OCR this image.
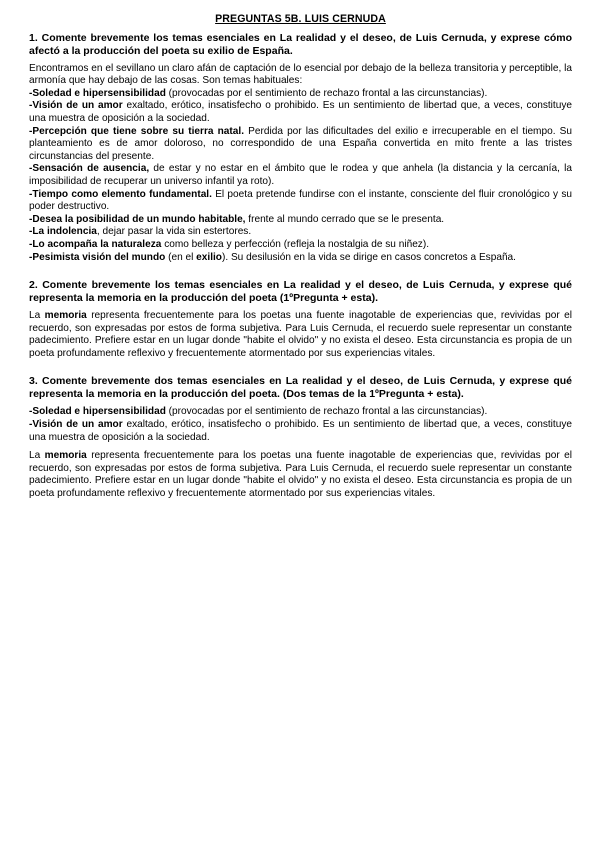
PREGUNTAS 5B. LUIS CERNUDA
1. Comente brevemente los temas esenciales en La realidad y el deseo, de Luis Cernuda, y exprese cómo afectó a la producción del poeta su exilio de España.

Encontramos en el sevillano un claro afán de captación de lo esencial por debajo de la belleza transitoria y perceptible, la armonía que hay debajo de las cosas. Son temas habituales:

-Soledad e hipersensibilidad (provocadas por el sentimiento de rechazo frontal a las circunstancias).
-Visión de un amor exaltado, erótico, insatisfecho o prohibido. Es un sentimiento de libertad que, a veces, constituye una muestra de oposición a la sociedad.
-Percepción que tiene sobre su tierra natal. Perdida por las dificultades del exilio e irrecuperable en el tiempo. Su planteamiento es de amor doloroso, no correspondido de una España convertida en mito frente a las tristes circunstancias del presente.
-Sensación de ausencia, de estar y no estar en el ámbito que le rodea y que anhela (la distancia y la cercanía, la imposibilidad de recuperar un universo infantil ya roto).
-Tiempo como elemento fundamental. El poeta pretende fundirse con el instante, consciente del fluir cronológico y su poder destructivo.
-Desea la posibilidad de un mundo habitable, frente al mundo cerrado que se le presenta.
-La indolencia, dejar pasar la vida sin estertores.
-Lo acompaña la naturaleza como belleza y perfección (refleja la nostalgia de su niñez).
-Pesimista visión del mundo (en el exilio). Su desilusión en la vida se dirige en casos concretos a España.
2. Comente brevemente los temas esenciales en La realidad y el deseo, de Luis Cernuda, y exprese qué representa la memoria en la producción del poeta (1ºPregunta + esta).

La memoria representa frecuentemente para los poetas una fuente inagotable de experiencias que, revividas por el recuerdo, son expresadas por estos de forma subjetiva. Para Luis Cernuda, el recuerdo suele representar un constante padecimiento. Prefiere estar en un lugar donde "habite el olvido" y no exista el deseo. Esta circunstancia es propia de un poeta profundamente reflexivo y frecuentemente atormentado por sus experiencias vitales.

3. Comente brevemente dos temas esenciales en La realidad y el deseo, de Luis Cernuda, y exprese qué representa la memoria en la producción del poeta. (Dos temas de la 1ºPregunta + esta).
-Soledad e hipersensibilidad (provocadas por el sentimiento de rechazo frontal a las circunstancias).
-Visión de un amor exaltado, erótico, insatisfecho o prohibido. Es un sentimiento de libertad que, a veces, constituye una muestra de oposición a la sociedad.

La memoria representa frecuentemente para los poetas una fuente inagotable de experiencias que, revividas por el recuerdo, son expresadas por estos de forma subjetiva. Para Luis Cernuda, el recuerdo suele representar un constante padecimiento. Prefiere estar en un lugar donde "habite el olvido" y no exista el deseo. Esta circunstancia es propia de un poeta profundamente reflexivo y frecuentemente atormentado por sus experiencias vitales.
